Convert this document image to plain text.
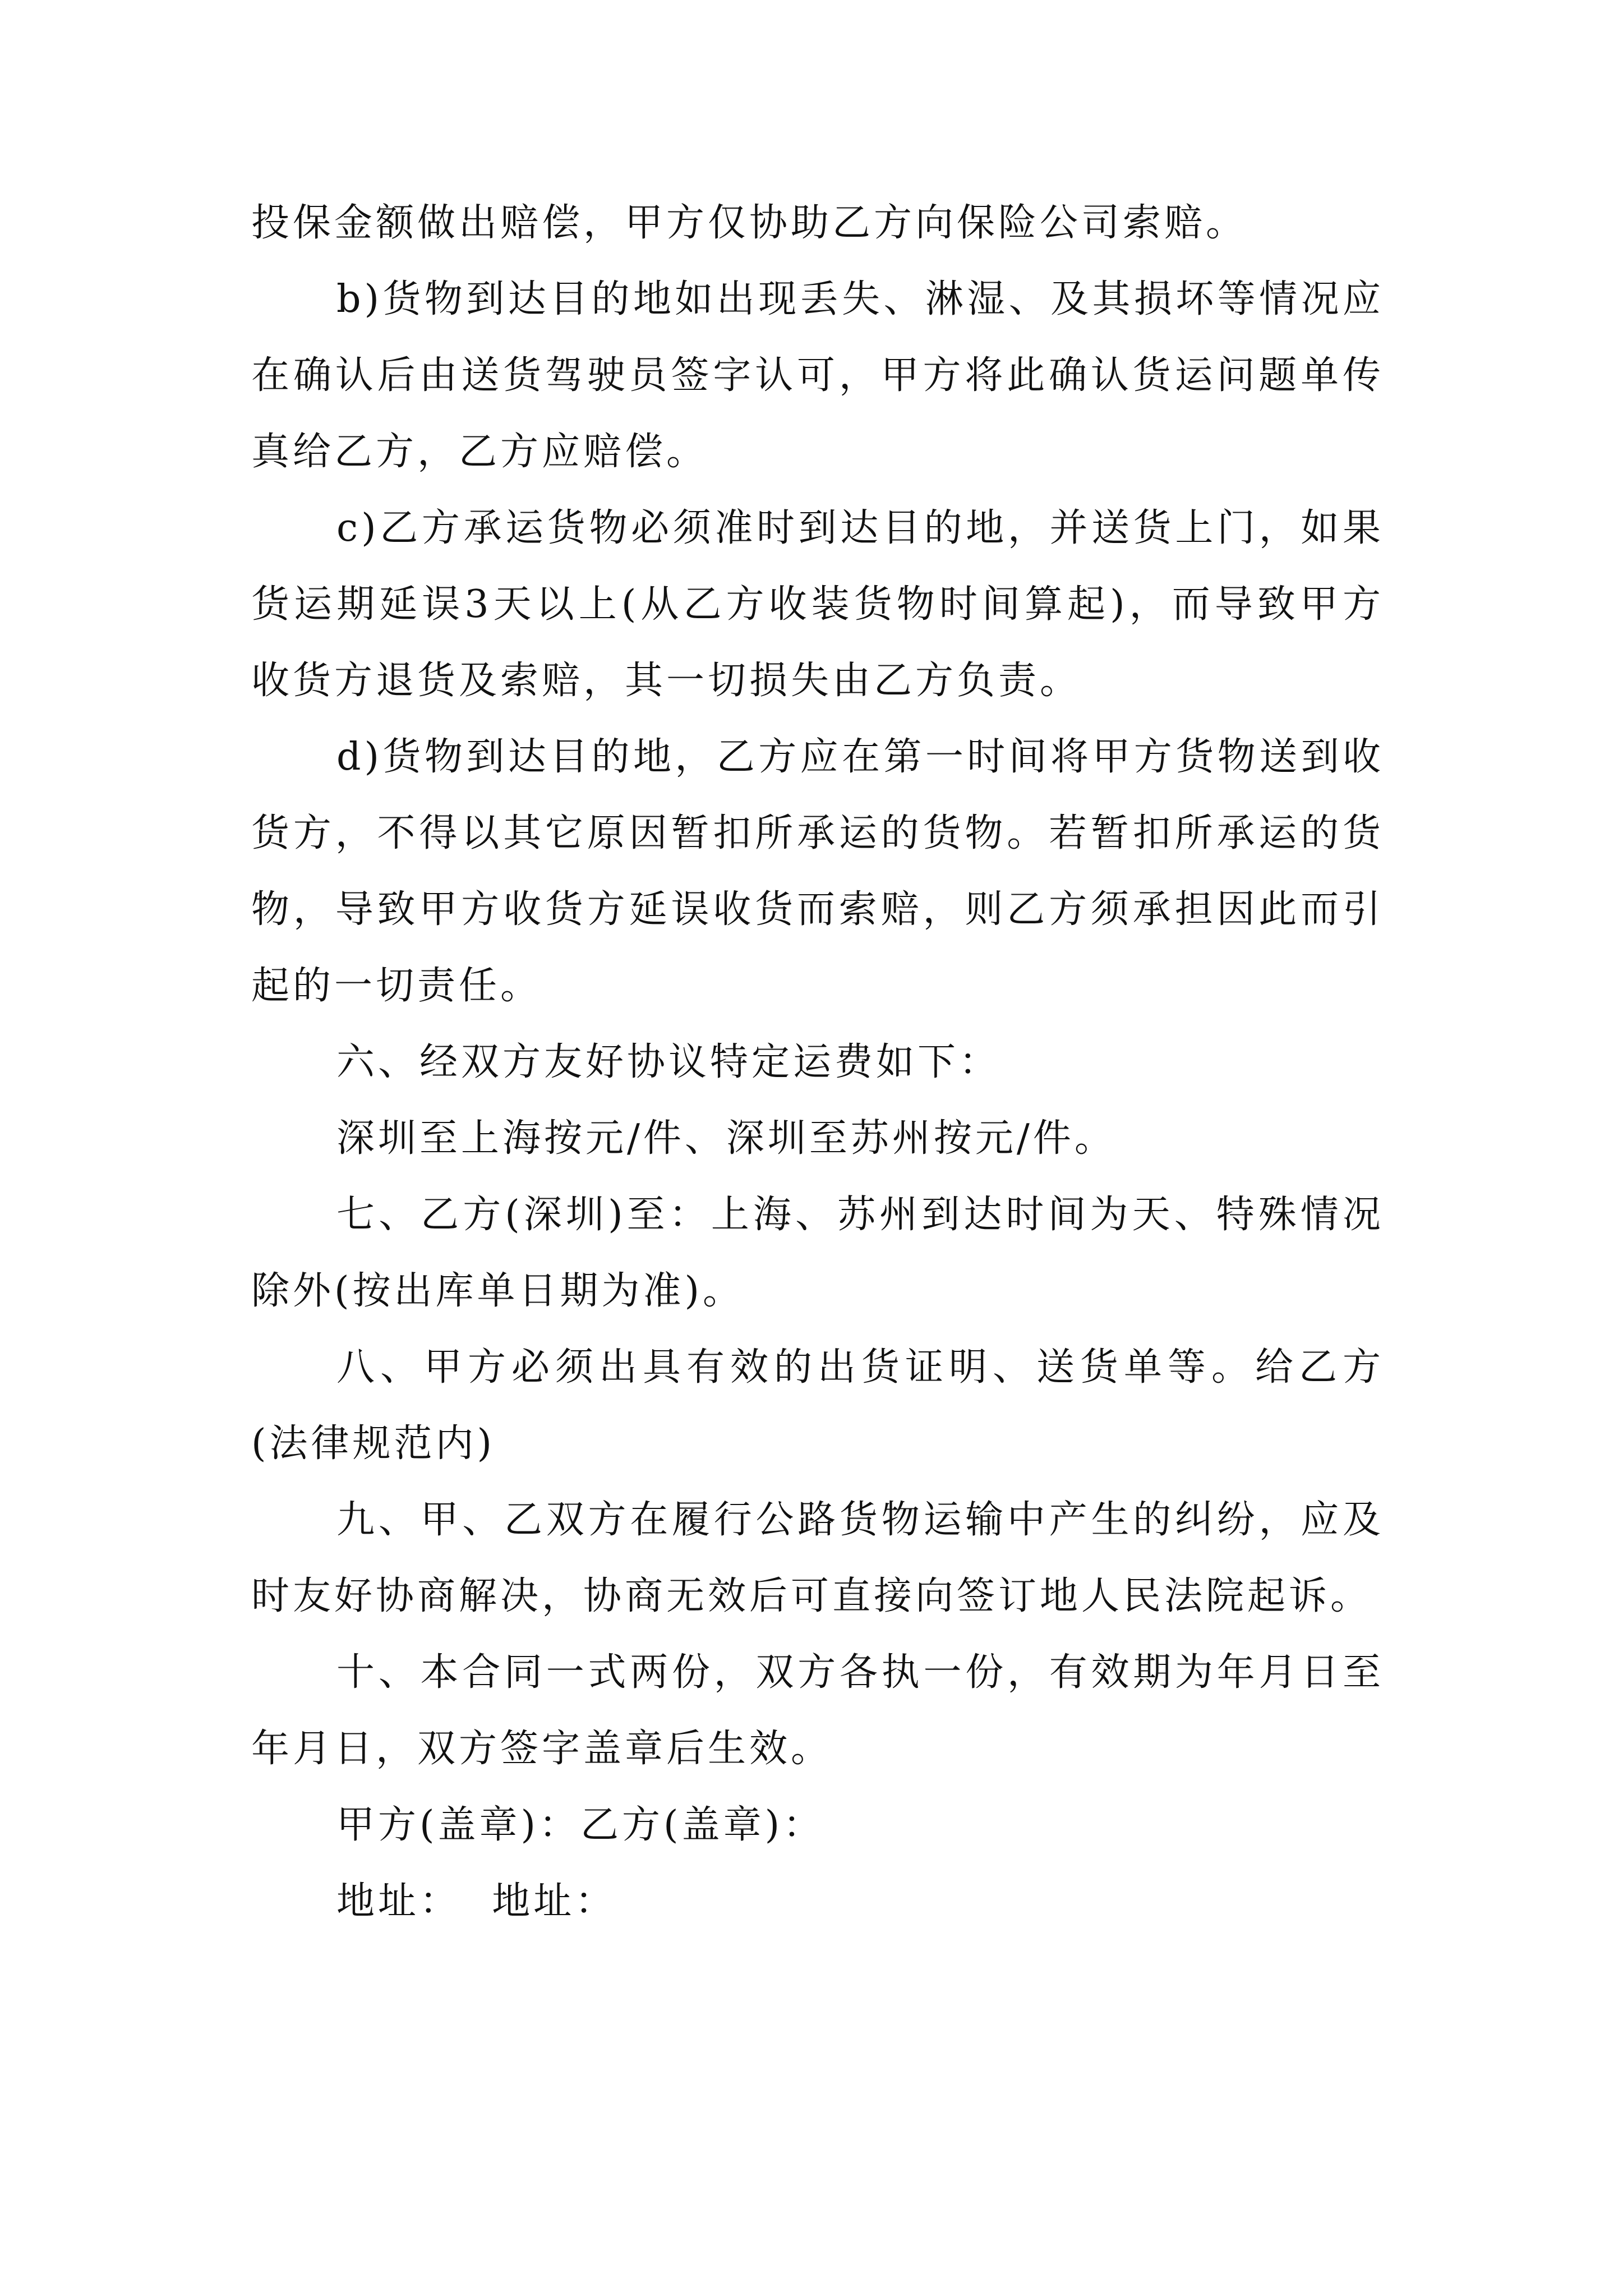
投保金额做出赔偿，甲方仅协助乙方向保险公司索赔。

b)货物到达目的地如出现丢失、淋湿、及其损坏等情况应在确认后由送货驾驶员签字认可，甲方将此确认货运问题单传真给乙方，乙方应赔偿。

c)乙方承运货物必须准时到达目的地，并送货上门，如果货运期延误3天以上(从乙方收装货物时间算起)，而导致甲方收货方退货及索赔，其一切损失由乙方负责。

d)货物到达目的地，乙方应在第一时间将甲方货物送到收货方，不得以其它原因暂扣所承运的货物。若暂扣所承运的货物，导致甲方收货方延误收货而索赔，则乙方须承担因此而引起的一切责任。

六、经双方友好协议特定运费如下：

深圳至上海按元/件、深圳至苏州按元/件。

七、乙方(深圳)至：上海、苏州到达时间为天、特殊情况除外(按出库单日期为准)。

八、甲方必须出具有效的出货证明、送货单等。给乙方(法律规范内)

九、甲、乙双方在履行公路货物运输中产生的纠纷，应及时友好协商解决，协商无效后可直接向签订地人民法院起诉。

十、本合同一式两份，双方各执一份，有效期为年月日至年月日，双方签字盖章后生效。

甲方(盖章)：乙方(盖章)：

地址：  地址：
